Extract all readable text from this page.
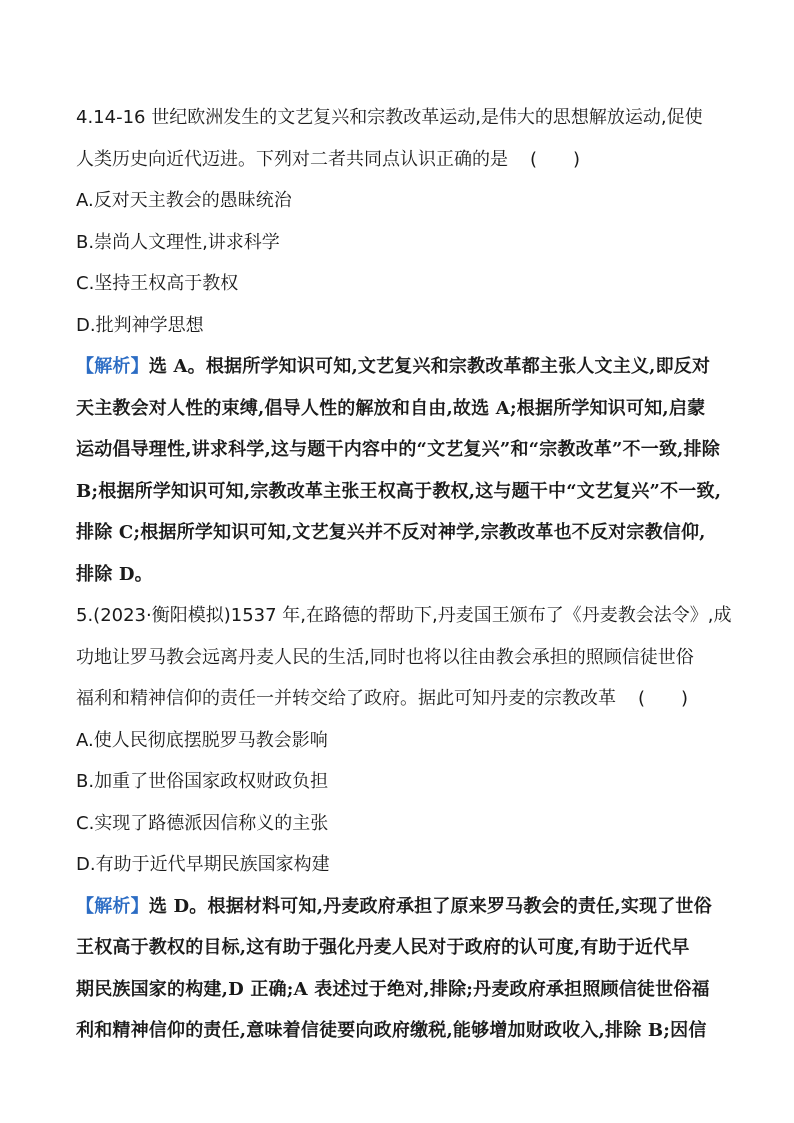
4.14-16 世纪欧洲发生的文艺复兴和宗教改革运动,是伟大的思想解放运动,促使
人类历史向近代迈进。下列对二者共同点认识正确的是 (　　)
A.反对天主教会的愚昧统治
B.崇尚人文理性,讲求科学
C.坚持王权高于教权
D.批判神学思想
【解析】选 A。根据所学知识可知,文艺复兴和宗教改革都主张人文主义,即反对
天主教会对人性的束缚,倡导人性的解放和自由,故选 A;根据所学知识可知,启蒙
运动倡导理性,讲求科学,这与题干内容中的“文艺复兴”和“宗教改革”不一致,排除
B;根据所学知识可知,宗教改革主张王权高于教权,这与题干中“文艺复兴”不一致,
排除 C;根据所学知识可知,文艺复兴并不反对神学,宗教改革也不反对宗教信仰,
排除 D。
5.(2023·衡阳模拟)1537 年,在路德的帮助下,丹麦国王颁布了《丹麦教会法令》,成
功地让罗马教会远离丹麦人民的生活,同时也将以往由教会承担的照顾信徒世俗
福利和精神信仰的责任一并转交给了政府。据此可知丹麦的宗教改革 (　　)
A.使人民彻底摆脱罗马教会影响
B.加重了世俗国家政权财政负担
C.实现了路德派因信称义的主张
D.有助于近代早期民族国家构建
【解析】选 D。根据材料可知,丹麦政府承担了原来罗马教会的责任,实现了世俗
王权高于教权的目标,这有助于强化丹麦人民对于政府的认可度,有助于近代早
期民族国家的构建,D 正确;A 表述过于绝对,排除;丹麦政府承担照顾信徒世俗福
利和精神信仰的责任,意味着信徒要向政府缴税,能够增加财政收入,排除 B;因信
